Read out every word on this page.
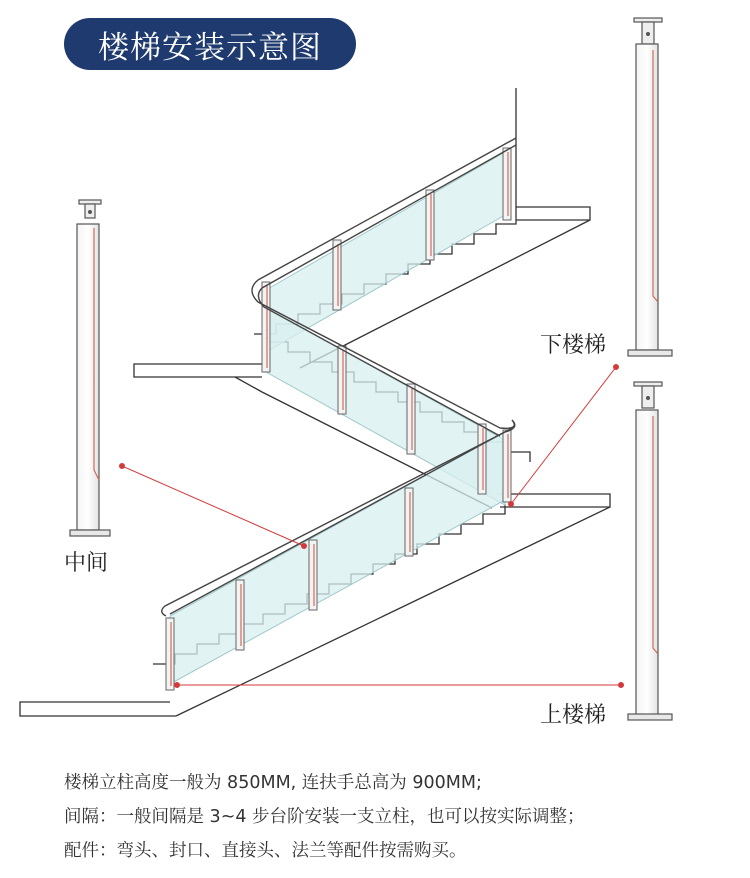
楼梯安装示意图
中间
下楼梯
上楼梯
楼梯立柱高度一般为 850MM, 连扶手总高为 900MM;
间隔：一般间隔是 3~4 步台阶安装一支立柱，也可以按实际调整；
配件：弯头、封口、直接头、法兰等配件按需购买。
